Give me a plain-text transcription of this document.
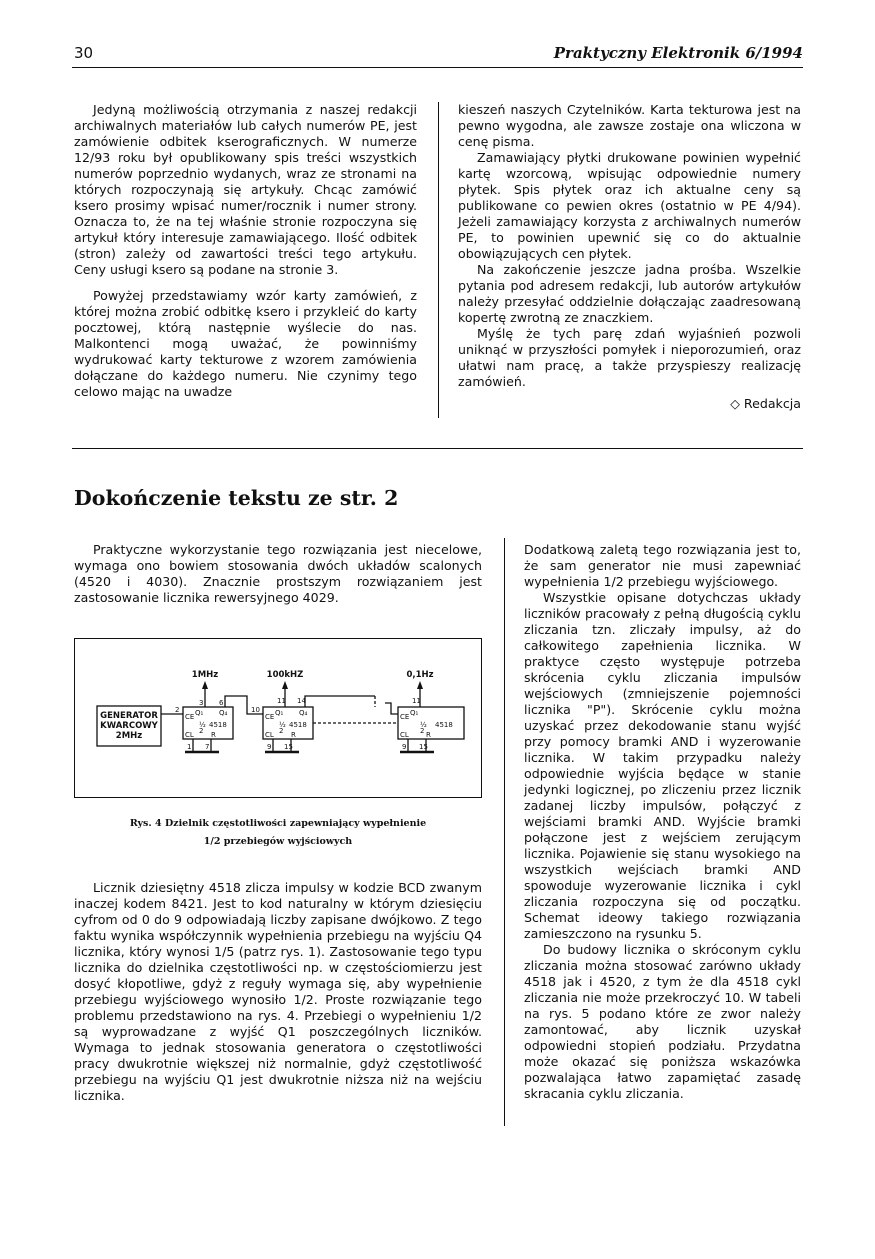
30	Praktyczny Elektronik 6/1994

Jedyną możliwością otrzymania z naszej redakcji archiwalnych materiałów lub całych numerów PE, jest zamówienie odbitek kserograficznych. W numerze 12/93 roku był opublikowany spis treści wszystkich numerów poprzednio wydanych, wraz ze stronami na których rozpoczynają się artykuły. Chcąc zamówić ksero prosimy wpisać numer/rocznik i numer strony. Oznacza to, że na tej właśnie stronie rozpoczyna się artykuł który interesuje zamawiającego. Ilość odbitek (stron) zależy od zawartości treści tego artykułu. Ceny usługi ksero są podane na stronie 3.

Powyżej przedstawiamy wzór karty zamówień, z której można zrobić odbitkę ksero i przykleić do karty pocztowej, którą następnie wyślecie do nas. Malkontenci mogą uważać, że powinniśmy wydrukować karty tekturowe z wzorem zamówienia dołączane do każdego numeru. Nie czynimy tego celowo mając na uwadze

kieszeń naszych Czytelników. Karta tekturowa jest na pewno wygodna, ale zawsze zostaje ona wliczona w cenę pisma.

Zamawiający płytki drukowane powinien wypełnić kartę wzorcową, wpisując odpowiednie numery płytek. Spis płytek oraz ich aktualne ceny są publikowane co pewien okres (ostatnio w PE 4/94). Jeżeli zamawiający korzysta z archiwalnych numerów PE, to powinien upewnić się co do aktualnie obowiązujących cen płytek.

Na zakończenie jeszcze jadna prośba. Wszelkie pytania pod adresem redakcji, lub autorów artykułów należy przesyłać oddzielnie dołączając zaadresowaną kopertę zwrotną ze znaczkiem.

Myślę że tych parę zdań wyjaśnień pozwoli uniknąć w przyszłości pomyłek i nieporozumień, oraz ułatwi nam pracę, a także przyspieszy realizację zamówień.

◇ Redakcja

Dokończenie tekstu ze str. 2

Praktyczne wykorzystanie tego rozwiązania jest niecelowe, wymaga ono bowiem stosowania dwóch układów scalonych (4520 i 4030). Znacznie prostszym rozwiązaniem jest zastosowanie licznika rewersyjnego 4029.

1MHz	100kHZ	0,1Hz
GENERATOR
KWARCOWY
2MHz
CE Q₁ Q₄
½
2
4518
CL R
2
3 6
1 7
CE Q₁ Q₄
½
2
4518
CL R
10
11 14
9 15
CE Q₁
½
2
4518
CL R
11
9 15
Rys. 4 Dzielnik częstotliwości zapewniający wypełnienie
1/2 przebiegów wyjściowych

Licznik dziesiętny 4518 zlicza impulsy w kodzie BCD zwanym inaczej kodem 8421. Jest to kod naturalny w którym dziesięciu cyfrom od 0 do 9 odpowiadają liczby zapisane dwójkowo. Z tego faktu wynika współczynnik wypełnienia przebiegu na wyjściu Q4 licznika, który wynosi 1/5 (patrz rys. 1). Zastosowanie tego typu licznika do dzielnika częstotliwości np. w częstościomierzu jest dosyć kłopotliwe, gdyż z reguły wymaga się, aby wypełnienie przebiegu wyjściowego wynosiło 1/2. Proste rozwiązanie tego problemu przedstawiono na rys. 4. Przebiegi o wypełnieniu 1/2 są wyprowadzane z wyjść Q1 poszczególnych liczników. Wymaga to jednak stosowania generatora o częstotliwości pracy dwukrotnie większej niż normalnie, gdyż częstotliwość przebiegu na wyjściu Q1 jest dwukrotnie niższa niż na wejściu licznika.

Dodatkową zaletą tego rozwiązania jest to, że sam generator nie musi zapewniać wypełnienia 1/2 przebiegu wyjściowego.

Wszystkie opisane dotychczas układy liczników pracowały z pełną długością cyklu zliczania tzn. zliczały impulsy, aż do całkowitego zapełnienia licznika. W praktyce często występuje potrzeba skrócenia cyklu zliczania impulsów wejściowych (zmniejszenie pojemności licznika "P"). Skrócenie cyklu można uzyskać przez dekodowanie stanu wyjść przy pomocy bramki AND i wyzerowanie licznika. W takim przypadku należy odpowiednie wyjścia będące w stanie jedynki logicznej, po zliczeniu przez licznik zadanej liczby impulsów, połączyć z wejściami bramki AND. Wyjście bramki połączone jest z wejściem zerującym licznika. Pojawienie się stanu wysokiego na wszystkich wejściach bramki AND spowoduje wyzerowanie licznika i cykl zliczania rozpoczyna się od początku. Schemat ideowy takiego rozwiązania zamieszczono na rysunku 5.

Do budowy licznika o skróconym cyklu zliczania można stosować zarówno układy 4518 jak i 4520, z tym że dla 4518 cykl zliczania nie może przekroczyć 10. W tabeli na rys. 5 podano które ze zwor należy zamontować, aby licznik uzyskał odpowiedni stopień podziału. Przydatna może okazać się poniższa wskazówka pozwalająca łatwo zapamiętać zasadę skracania cyklu zliczania.
